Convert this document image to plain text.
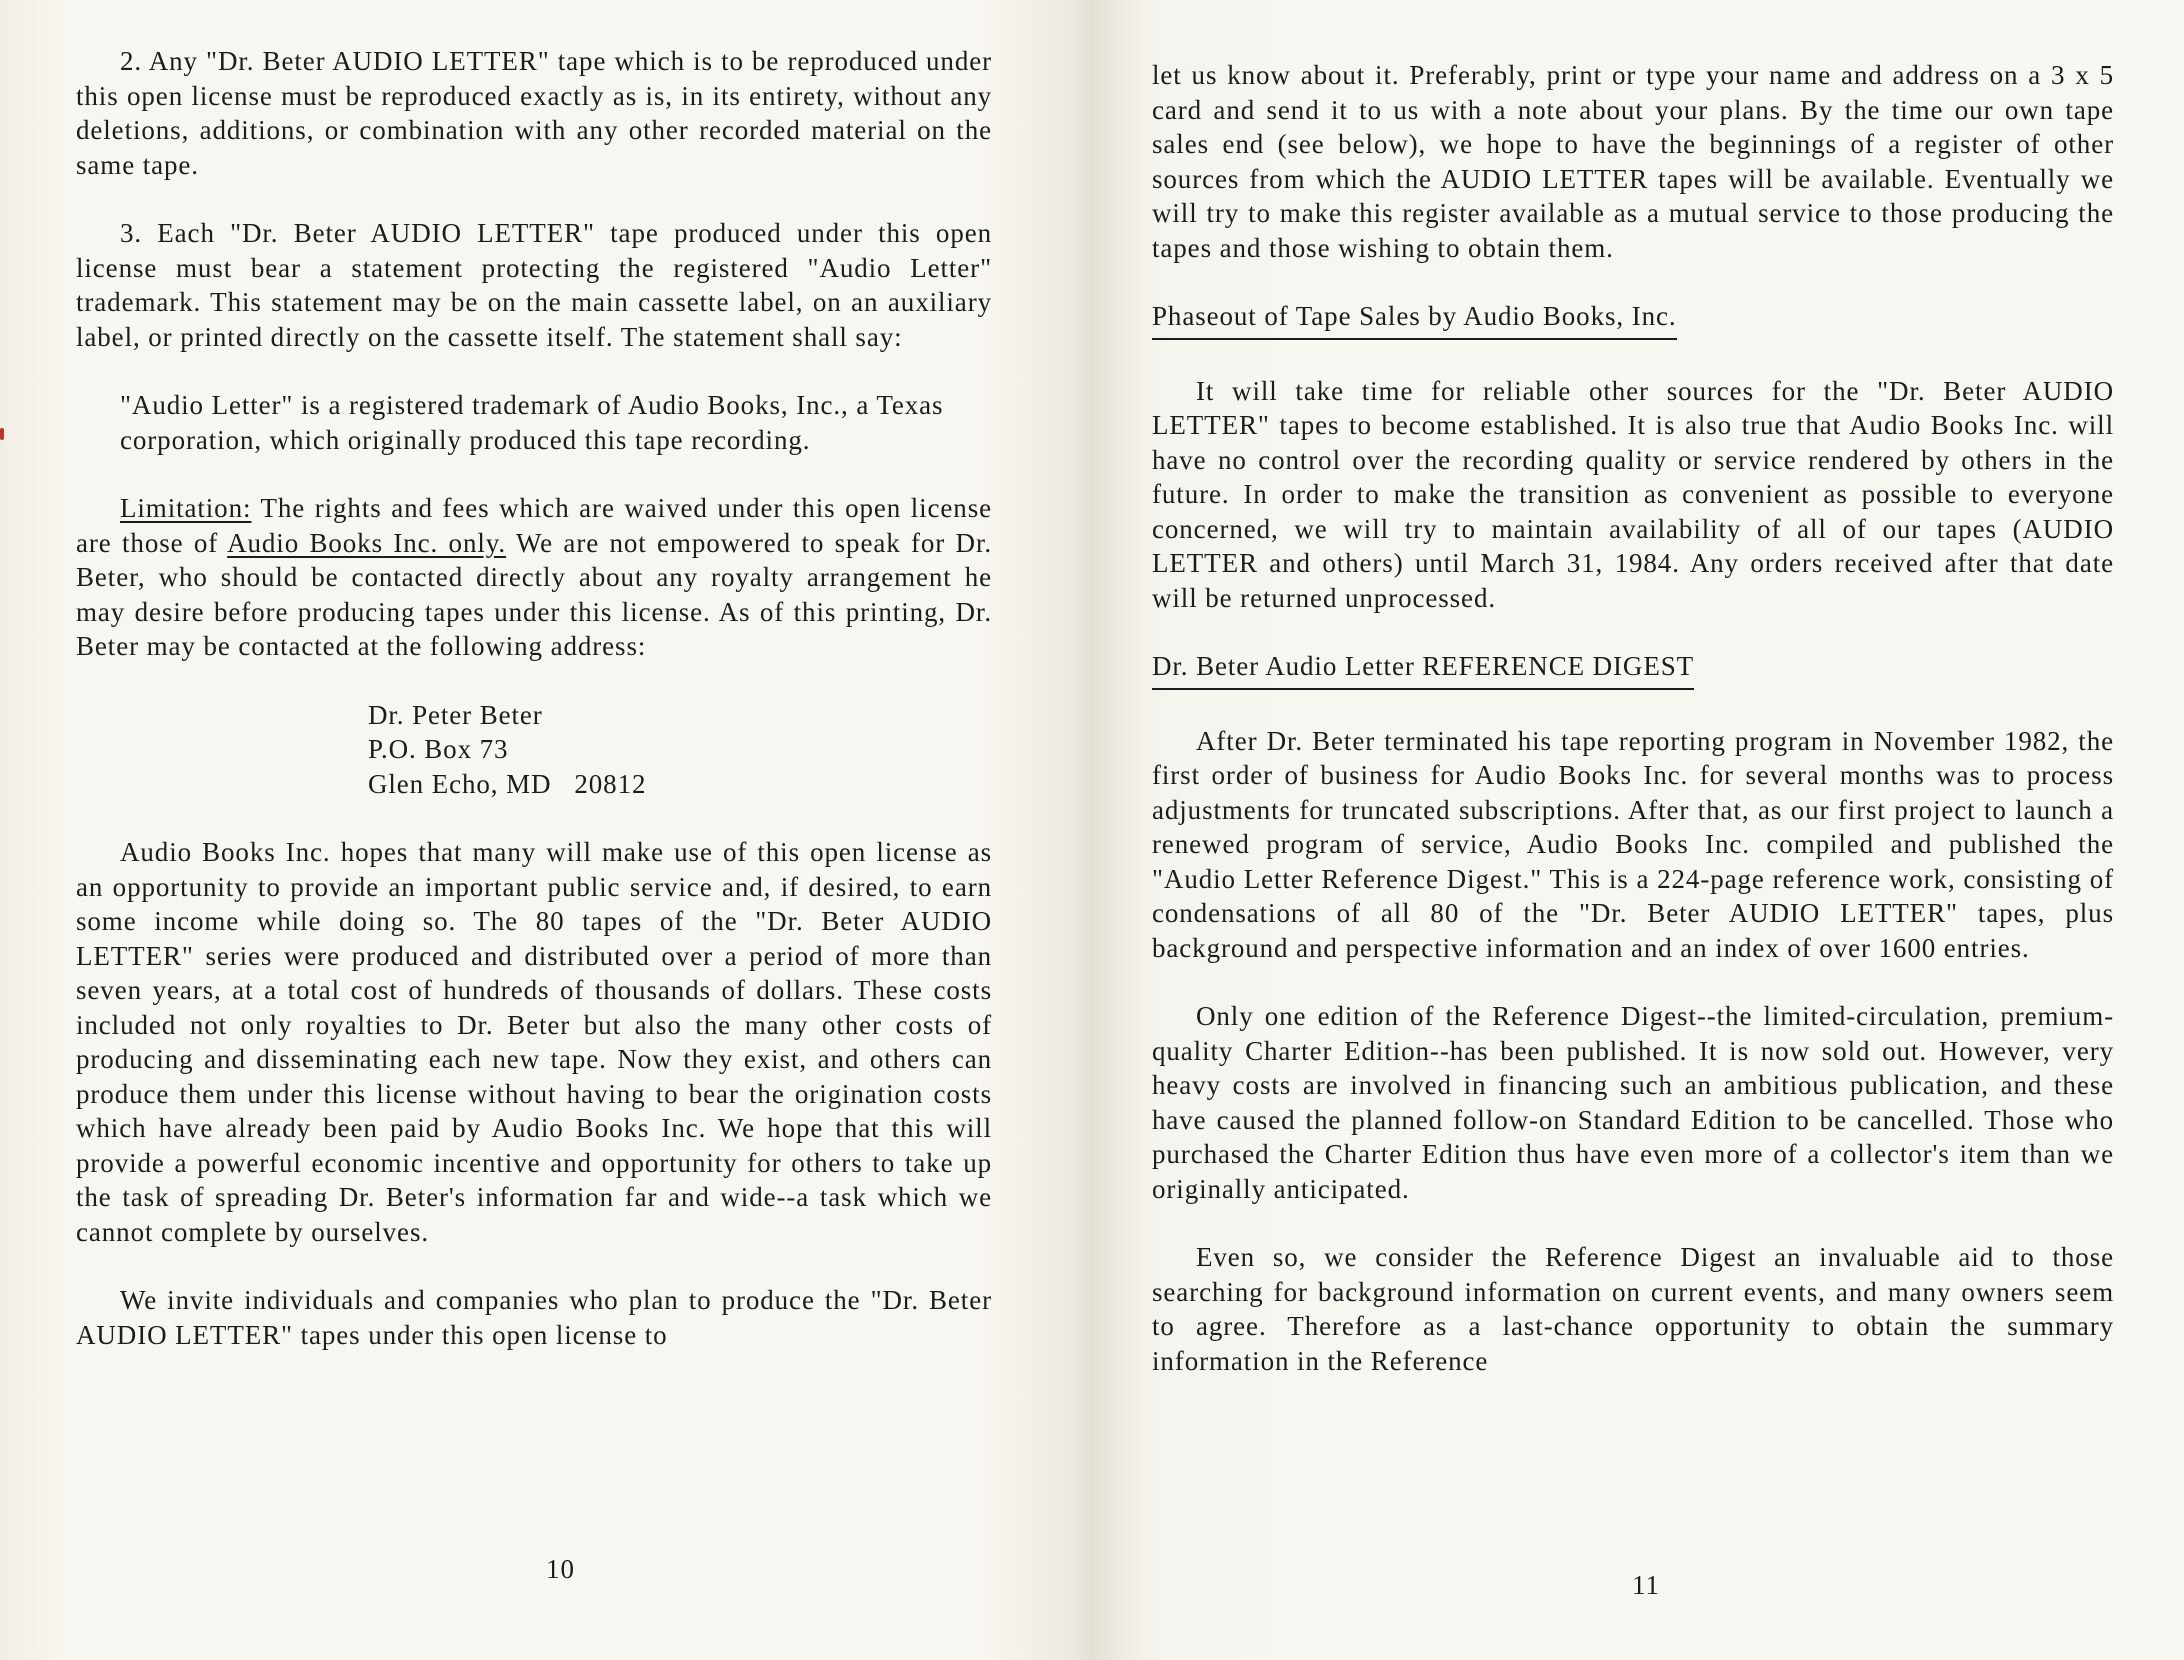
2. Any "Dr. Beter AUDIO LETTER" tape which is to be reproduced under this open license must be reproduced exactly as is, in its entirety, without any deletions, additions, or combination with any other recorded material on the same tape.

3. Each "Dr. Beter AUDIO LETTER" tape produced under this open license must bear a statement protecting the registered "Audio Letter" trademark. This statement may be on the main cassette label, on an auxiliary label, or printed directly on the cassette itself. The statement shall say:

"Audio Letter" is a registered trademark of Audio Books, Inc., a Texas corporation, which originally produced this tape recording.

Limitation: The rights and fees which are waived under this open license are those of Audio Books Inc. only. We are not empowered to speak for Dr. Beter, who should be contacted directly about any royalty arrangement he may desire before producing tapes under this license. As of this printing, Dr. Beter may be contacted at the following address:

Dr. Peter Beter
P.O. Box 73
Glen Echo, MD   20812

Audio Books Inc. hopes that many will make use of this open license as an opportunity to provide an important public service and, if desired, to earn some income while doing so. The 80 tapes of the "Dr. Beter AUDIO LETTER" series were produced and distributed over a period of more than seven years, at a total cost of hundreds of thousands of dollars. These costs included not only royalties to Dr. Beter but also the many other costs of producing and disseminating each new tape. Now they exist, and others can produce them under this license without having to bear the origination costs which have already been paid by Audio Books Inc. We hope that this will provide a powerful economic incentive and opportunity for others to take up the task of spreading Dr. Beter's information far and wide--a task which we cannot complete by ourselves.

We invite individuals and companies who plan to produce the "Dr. Beter AUDIO LETTER" tapes under this open license to

10

let us know about it. Preferably, print or type your name and address on a 3 x 5 card and send it to us with a note about your plans. By the time our own tape sales end (see below), we hope to have the beginnings of a register of other sources from which the AUDIO LETTER tapes will be available. Eventually we will try to make this register available as a mutual service to those producing the tapes and those wishing to obtain them.

Phaseout of Tape Sales by Audio Books, Inc.

It will take time for reliable other sources for the "Dr. Beter AUDIO LETTER" tapes to become established. It is also true that Audio Books Inc. will have no control over the recording quality or service rendered by others in the future. In order to make the transition as convenient as possible to everyone concerned, we will try to maintain availability of all of our tapes (AUDIO LETTER and others) until March 31, 1984. Any orders received after that date will be returned unprocessed.

Dr. Beter Audio Letter REFERENCE DIGEST

After Dr. Beter terminated his tape reporting program in November 1982, the first order of business for Audio Books Inc. for several months was to process adjustments for truncated subscriptions. After that, as our first project to launch a renewed program of service, Audio Books Inc. compiled and published the "Audio Letter Reference Digest." This is a 224-page reference work, consisting of condensations of all 80 of the "Dr. Beter AUDIO LETTER" tapes, plus background and perspective information and an index of over 1600 entries.

Only one edition of the Reference Digest--the limited-circulation, premium-quality Charter Edition--has been published. It is now sold out. However, very heavy costs are involved in financing such an ambitious publication, and these have caused the planned follow-on Standard Edition to be cancelled. Those who purchased the Charter Edition thus have even more of a collector's item than we originally anticipated.

Even so, we consider the Reference Digest an invaluable aid to those searching for background information on current events, and many owners seem to agree. Therefore as a last-chance opportunity to obtain the summary information in the Reference

11
